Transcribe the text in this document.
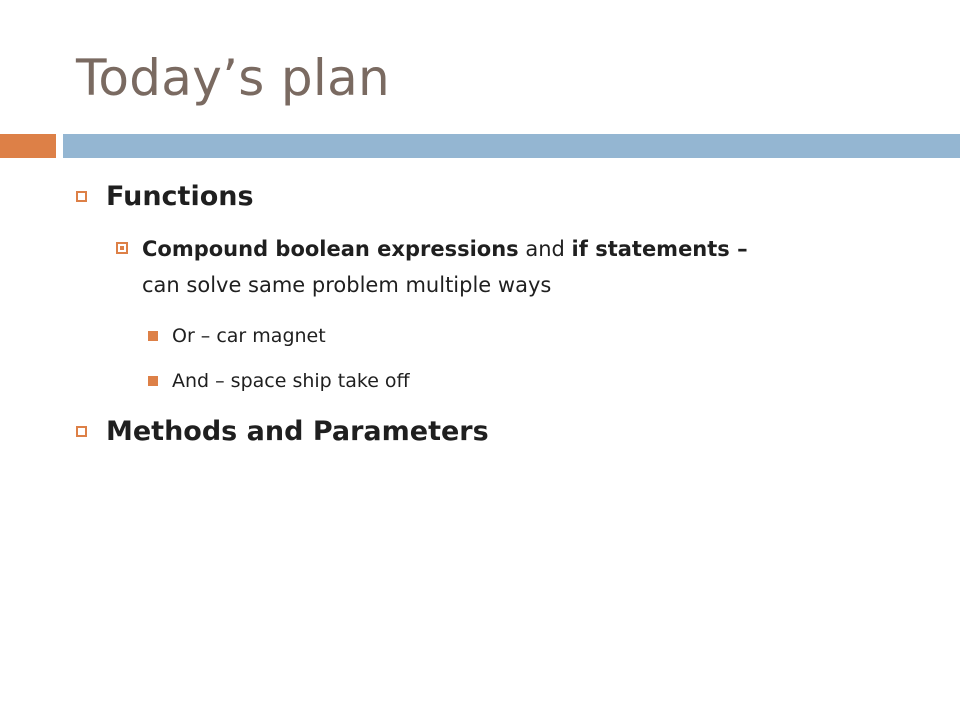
Today’s plan
Functions
Compound boolean expressions and if statements –
can solve same problem multiple ways
Or – car magnet
And – space ship take off
Methods and Parameters
